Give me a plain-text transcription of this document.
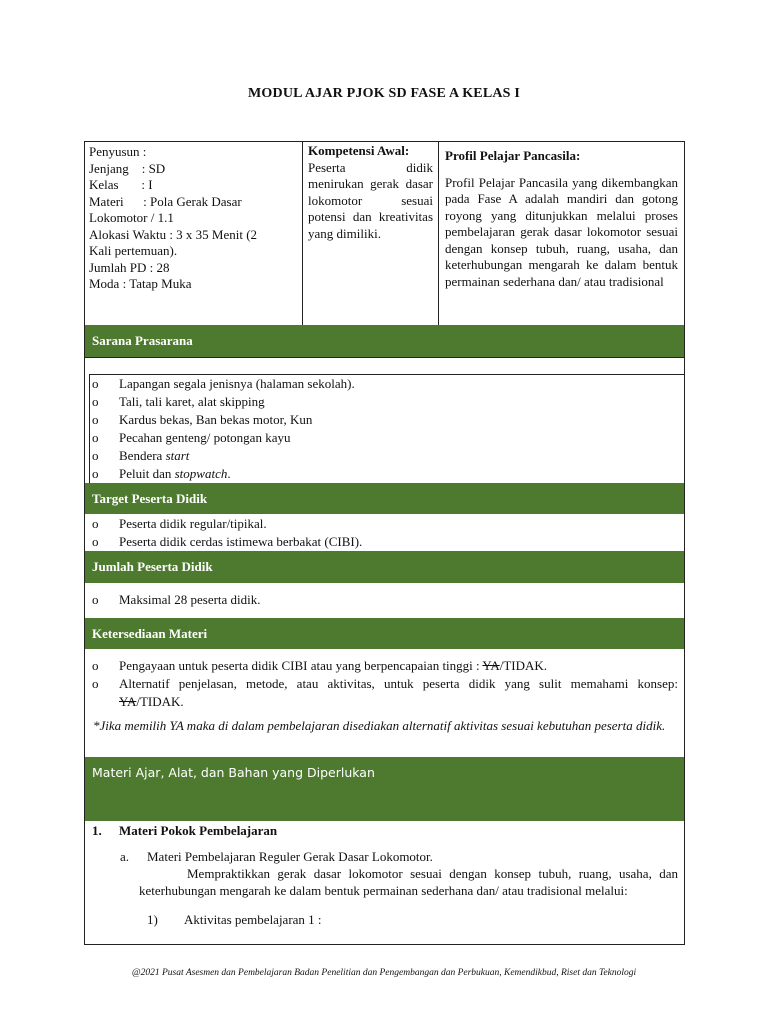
MODUL AJAR PJOK SD FASE A KELAS I
Penyusun :
Jenjang    : SD
Kelas       : I
Materi      : Pola Gerak Dasar
Lokomotor / 1.1
Alokasi Waktu : 3 x 35 Menit (2
Kali pertemuan).
Jumlah PD : 28
Moda : Tatap Muka
Kompetensi Awal:
Peserta didik menirukan gerak dasar lokomotor sesuai potensi dan kreativitas yang dimiliki.
Profil Pelajar Pancasila:
Profil Pelajar Pancasila yang dikembangkan pada Fase A adalah mandiri dan gotong royong yang ditunjukkan melalui proses pembelajaran gerak dasar lokomotor sesuai dengan konsep tubuh, ruang, usaha, dan keterhubungan mengarah ke dalam bentuk permainan sederhana dan/ atau tradisional
Sarana Prasarana
o Lapangan segala jenisnya (halaman sekolah).
o Tali, tali karet, alat skipping
o Kardus bekas, Ban bekas motor, Kun
o Pecahan genteng/ potongan kayu
o Bendera start
o Peluit dan stopwatch.
Target Peserta Didik
o Peserta didik regular/tipikal.
o Peserta didik cerdas istimewa berbakat (CIBI).
Jumlah Peserta Didik
o Maksimal 28 peserta didik.
Ketersediaan Materi
o Pengayaan untuk peserta didik CIBI atau yang berpencapaian tinggi : YA/TIDAK.
o Alternatif penjelasan, metode, atau aktivitas, untuk peserta didik yang sulit memahami konsep: YA/TIDAK.
*Jika memilih YA maka di dalam pembelajaran disediakan alternatif aktivitas sesuai kebutuhan peserta didik.
Materi Ajar, Alat, dan Bahan yang Diperlukan
1. Materi Pokok Pembelajaran
a. Materi Pembelajaran Reguler Gerak Dasar Lokomotor.
Mempraktikkan gerak dasar lokomotor sesuai dengan konsep tubuh, ruang, usaha, dan keterhubungan mengarah ke dalam bentuk permainan sederhana dan/ atau tradisional melalui:
1) Aktivitas pembelajaran 1 :
@2021 Pusat Asesmen dan Pembelajaran Badan Penelitian dan Pengembangan dan Perbukuan, Kemendikbud, Riset dan Teknologi
